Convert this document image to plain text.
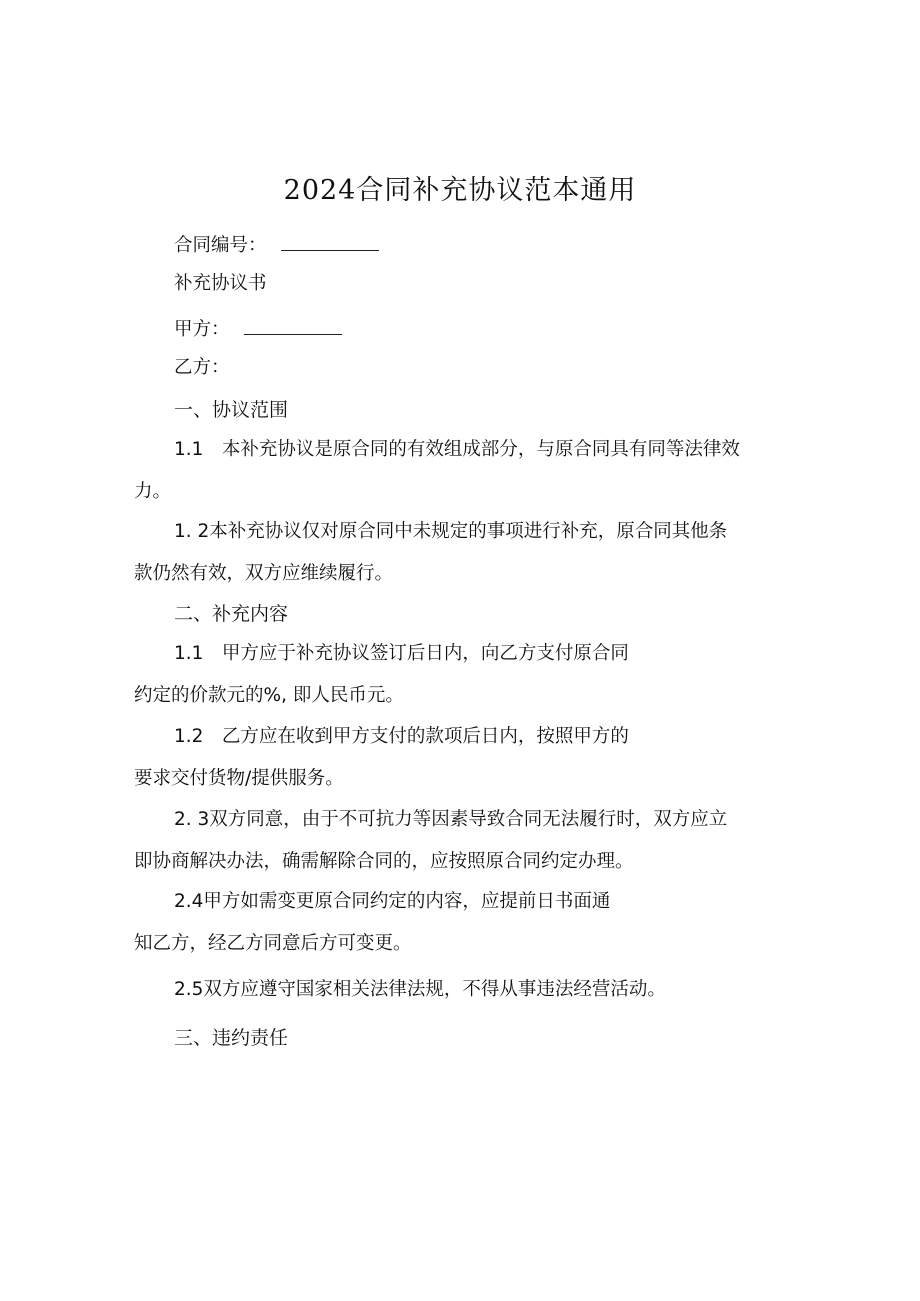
2024合同补充协议范本通用
合同编号：
补充协议书
甲方：
乙方：
一、协议范围
1.1　本补充协议是原合同的有效组成部分，与原合同具有同等法律效
力。
1. 2本补充协议仅对原合同中未规定的事项进行补充，原合同其他条
款仍然有效，双方应维续履行。
二、补充内容
1.1　甲方应于补充协议签订后日内，向乙方支付原合同
约定的价款元的%, 即人民币元。
1.2　乙方应在收到甲方支付的款项后日内，按照甲方的
要求交付货物/提供服务。
2. 3双方同意，由于不可抗力等因素导致合同无法履行时，双方应立
即协商解决办法，确需解除合同的，应按照原合同约定办理。
2.4甲方如需变更原合同约定的内容，应提前日书面通
知乙方，经乙方同意后方可变更。
2.5双方应遵守国家相关法律法规，不得从事违法经营活动。
三、违约责任
